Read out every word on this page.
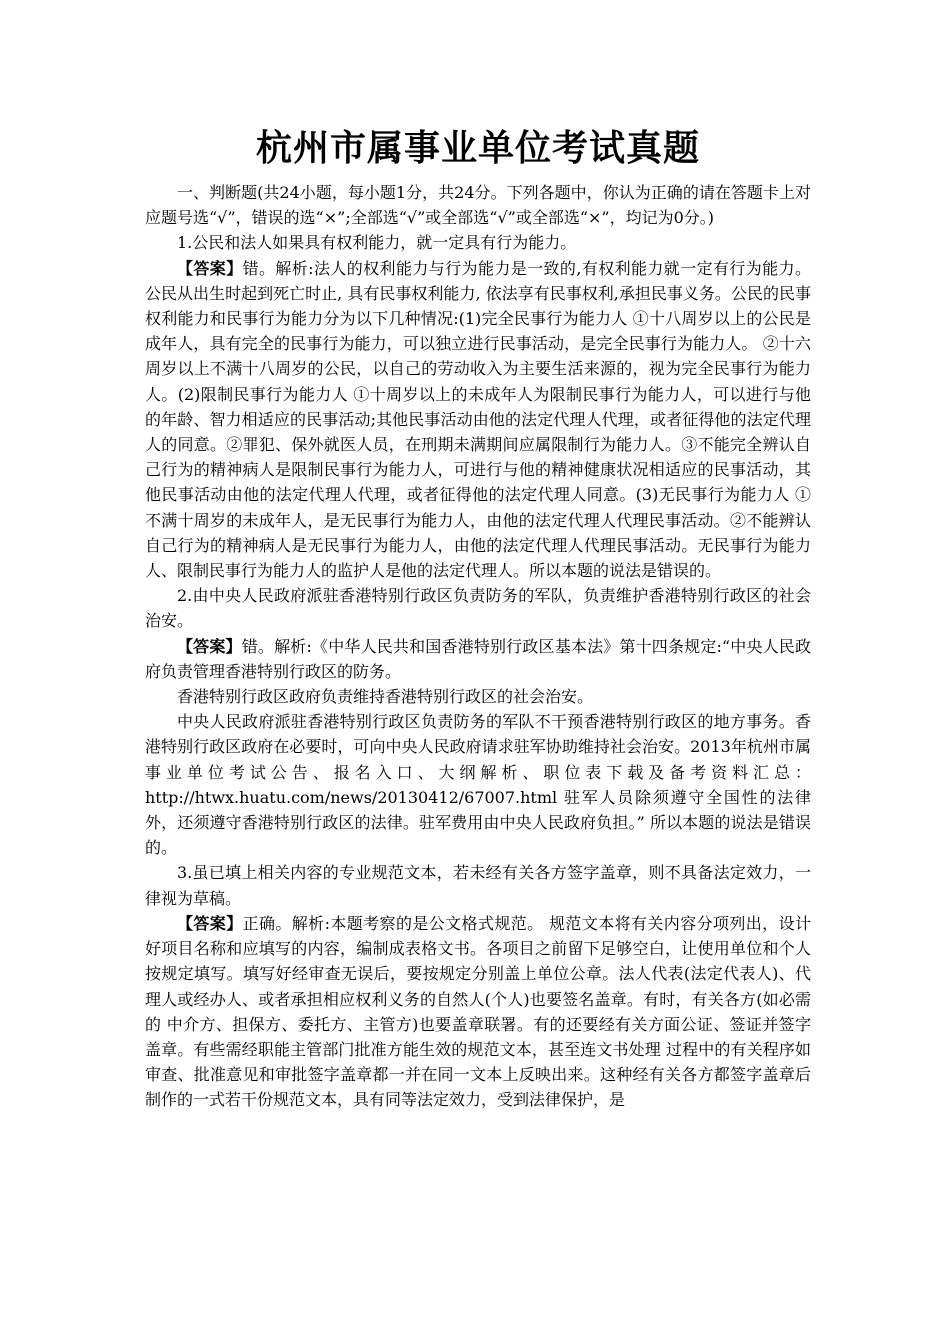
杭州市属事业单位考试真题

一、判断题(共24小题，每小题1分，共24分。下列各题中，你认为正确的请在答题卡上对应题号选“√”，错误的选“×”;全部选“√”或全部选“√”或全部选“×”，均记为0分。)

1.公民和法人如果具有权利能力，就一定具有行为能力。

【答案】错。解析:法人的权利能力与行为能力是一致的,有权利能力就一定有行为能力。公民从出生时起到死亡时止, 具有民事权利能力, 依法享有民事权利,承担民事义务。公民的民事权利能力和民事行为能力分为以下几种情况:(1)完全民事行为能力人 ①十八周岁以上的公民是成年人，具有完全的民事行为能力，可以独立进行民事活动，是完全民事行为能力人。 ②十六周岁以上不满十八周岁的公民，以自己的劳动收入为主要生活来源的，视为完全民事行为能力人。(2)限制民事行为能力人 ①十周岁以上的未成年人为限制民事行为能力人，可以进行与他的年龄、智力相适应的民事活动;其他民事活动由他的法定代理人代理，或者征得他的法定代理人的同意。②罪犯、保外就医人员，在刑期未满期间应属限制行为能力人。③不能完全辨认自己行为的精神病人是限制民事行为能力人，可进行与他的精神健康状况相适应的民事活动，其他民事活动由他的法定代理人代理，或者征得他的法定代理人同意。(3)无民事行为能力人 ①不满十周岁的未成年人，是无民事行为能力人，由他的法定代理人代理民事活动。②不能辨认自己行为的精神病人是无民事行为能力人，由他的法定代理人代理民事活动。无民事行为能力人、限制民事行为能力人的监护人是他的法定代理人。所以本题的说法是错误的。

2.由中央人民政府派驻香港特别行政区负责防务的军队，负责维护香港特别行政区的社会治安。

【答案】错。解析:《中华人民共和国香港特别行政区基本法》第十四条规定:“中央人民政府负责管理香港特别行政区的防务。

香港特别行政区政府负责维持香港特别行政区的社会治安。

中央人民政府派驻香港特别行政区负责防务的军队不干预香港特别行政区的地方事务。香港特别行政区政府在必要时，可向中央人民政府请求驻军协助维持社会治安。2013年杭州市属事业单位考试公告、报名入口、大纲解析、职位表下载及备考资料汇总：http://htwx.huatu.com/news/20130412/67007.html 驻军人员除须遵守全国性的法律外，还须遵守香港特别行政区的法律。驻军费用由中央人民政府负担。” 所以本题的说法是错误的。

3.虽已填上相关内容的专业规范文本，若未经有关各方签字盖章，则不具备法定效力，一律视为草稿。

【答案】正确。解析:本题考察的是公文格式规范。 规范文本将有关内容分项列出，设计好项目名称和应填写的内容，编制成表格文书。各项目之前留下足够空白，让使用单位和个人按规定填写。填写好经审查无误后，要按规定分别盖上单位公章。法人代表(法定代表人)、代理人或经办人、或者承担相应权利义务的自然人(个人)也要签名盖章。有时，有关各方(如必需的 中介方、担保方、委托方、主管方)也要盖章联署。有的还要经有关方面公证、签证并签字盖章。有些需经职能主管部门批准方能生效的规范文本，甚至连文书处理 过程中的有关程序如审查、批准意见和审批签字盖章都一并在同一文本上反映出来。这种经有关各方都签字盖章后制作的一式若干份规范文本，具有同等法定效力，受到法律保护，是
